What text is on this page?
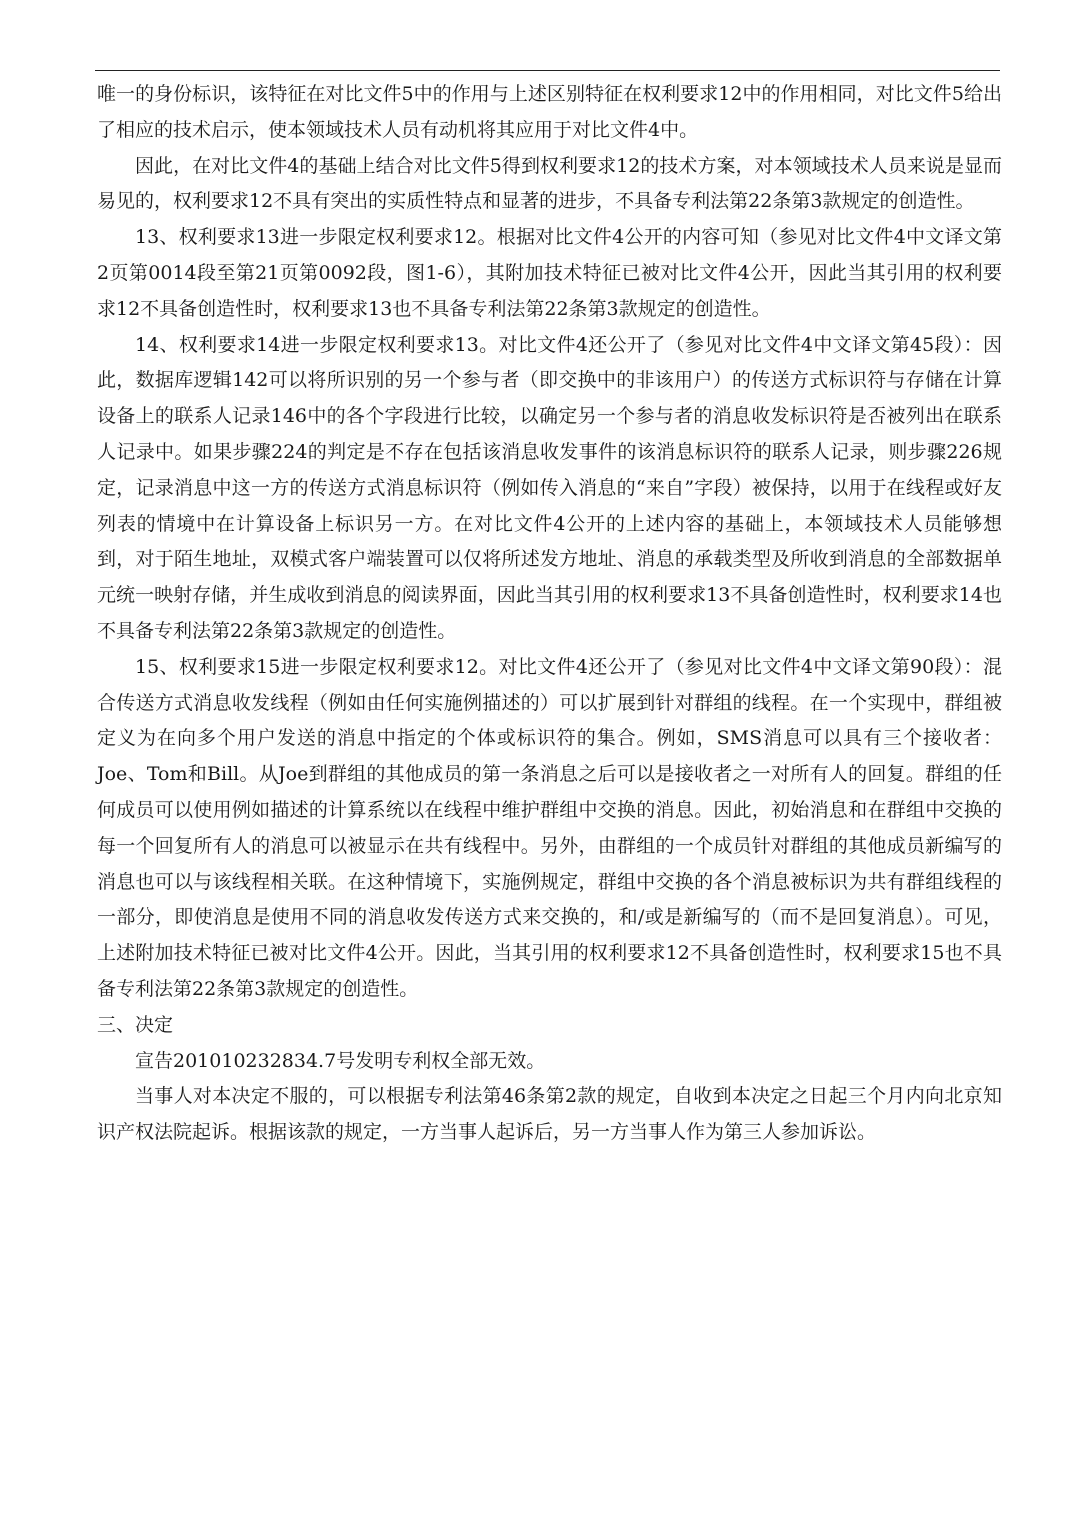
唯一的身份标识，该特征在对比文件5中的作用与上述区别特征在权利要求12中的作用相同，对比文件5给出了相应的技术启示，使本领域技术人员有动机将其应用于对比文件4中。

因此，在对比文件4的基础上结合对比文件5得到权利要求12的技术方案，对本领域技术人员来说是显而易见的，权利要求12不具有突出的实质性特点和显著的进步，不具备专利法第22条第3款规定的创造性。

13、权利要求13进一步限定权利要求12。根据对比文件4公开的内容可知（参见对比文件4中文译文第2页第0014段至第21页第0092段，图1-6），其附加技术特征已被对比文件4公开，因此当其引用的权利要求12不具备创造性时，权利要求13也不具备专利法第22条第3款规定的创造性。

14、权利要求14进一步限定权利要求13。对比文件4还公开了（参见对比文件4中文译文第45段）：因此，数据库逻辑142可以将所识别的另一个参与者（即交换中的非该用户）的传送方式标识符与存储在计算设备上的联系人记录146中的各个字段进行比较，以确定另一个参与者的消息收发标识符是否被列出在联系人记录中。如果步骤224的判定是不存在包括该消息收发事件的该消息标识符的联系人记录，则步骤226规定，记录消息中这一方的传送方式消息标识符（例如传入消息的“来自”字段）被保持，以用于在线程或好友列表的情境中在计算设备上标识另一方。在对比文件4公开的上述内容的基础上，本领域技术人员能够想到，对于陌生地址，双模式客户端装置可以仅将所述发方地址、消息的承载类型及所收到消息的全部数据单元统一映射存储，并生成收到消息的阅读界面，因此当其引用的权利要求13不具备创造性时，权利要求14也不具备专利法第22条第3款规定的创造性。

15、权利要求15进一步限定权利要求12。对比文件4还公开了（参见对比文件4中文译文第90段）：混合传送方式消息收发线程（例如由任何实施例描述的）可以扩展到针对群组的线程。在一个实现中，群组被定义为在向多个用户发送的消息中指定的个体或标识符的集合。例如，SMS消息可以具有三个接收者：Joe、Tom和Bill。从Joe到群组的其他成员的第一条消息之后可以是接收者之一对所有人的回复。群组的任何成员可以使用例如描述的计算系统以在线程中维护群组中交换的消息。因此，初始消息和在群组中交换的每一个回复所有人的消息可以被显示在共有线程中。另外，由群组的一个成员针对群组的其他成员新编写的消息也可以与该线程相关联。在这种情境下，实施例规定，群组中交换的各个消息被标识为共有群组线程的一部分，即使消息是使用不同的消息收发传送方式来交换的，和/或是新编写的（而不是回复消息）。可见，上述附加技术特征已被对比文件4公开。因此，当其引用的权利要求12不具备创造性时，权利要求15也不具备专利法第22条第3款规定的创造性。

三、决定

宣告201010232834.7号发明专利权全部无效。

当事人对本决定不服的，可以根据专利法第46条第2款的规定，自收到本决定之日起三个月内向北京知识产权法院起诉。根据该款的规定，一方当事人起诉后，另一方当事人作为第三人参加诉讼。
